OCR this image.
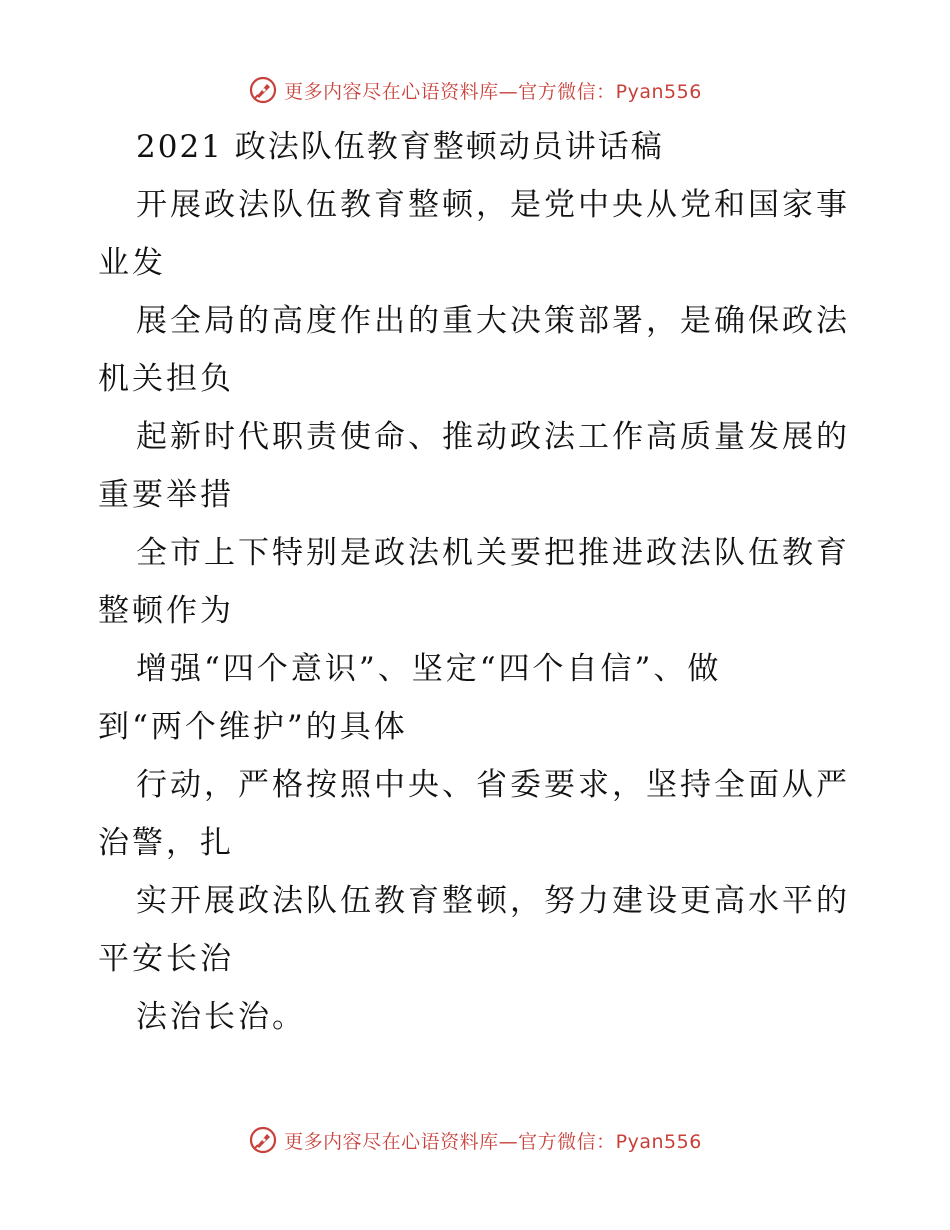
更多内容尽在心语资料库—官方微信：Pyan556
2021 政法队伍教育整顿动员讲话稿
开展政法队伍教育整顿，是党中央从党和国家事
业发
展全局的高度作出的重大决策部署，是确保政法
机关担负
起新时代职责使命、推动政法工作高质量发展的
重要举措
全市上下特别是政法机关要把推进政法队伍教育
整顿作为
增强“四个意识”、坚定“四个自信”、做
到“两个维护”的具体
行动，严格按照中央、省委要求，坚持全面从严
治警，扎
实开展政法队伍教育整顿，努力建设更高水平的
平安长治
法治长治。
更多内容尽在心语资料库—官方微信：Pyan556
